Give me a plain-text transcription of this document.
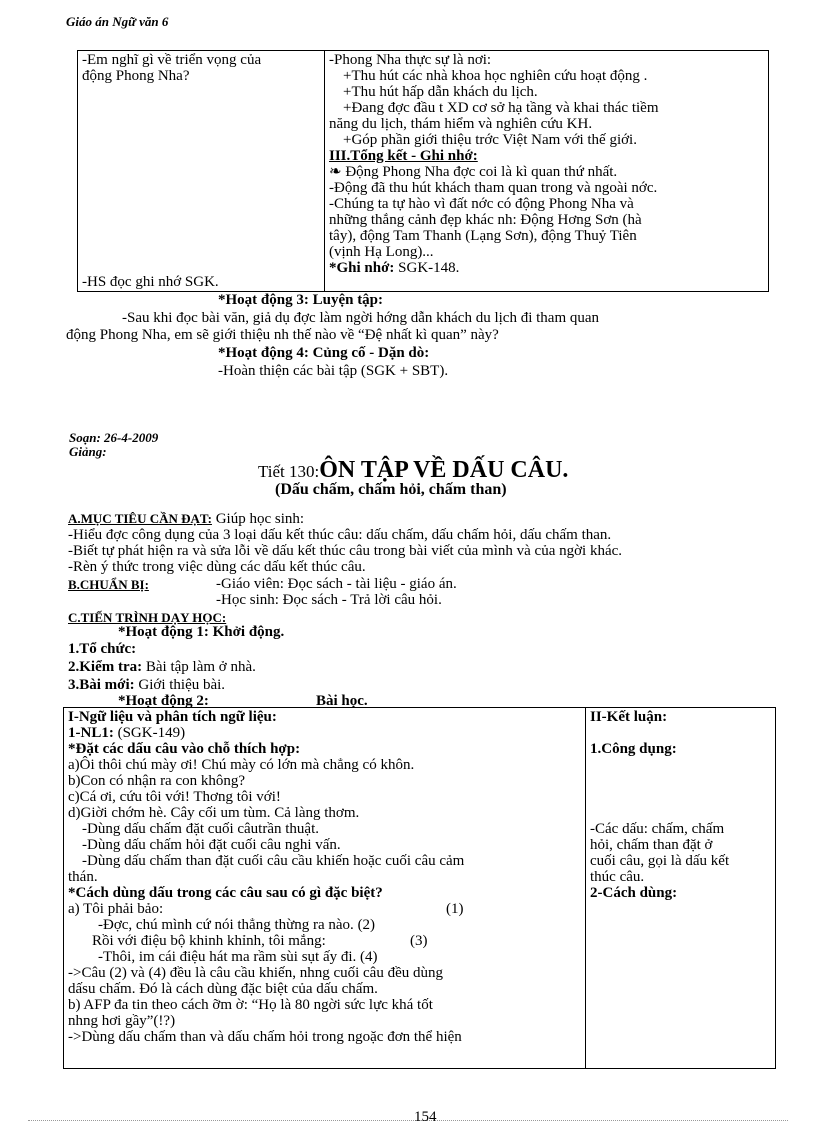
Giáo án Ngữ văn 6
-Em nghĩ gì về triển vọng của
động Phong Nha?
-HS đọc ghi nhớ SGK.

-Phong Nha thực sự là nơi:
+Thu hút các nhà khoa học nghiên cứu hoạt động .
+Thu hút hấp dẫn khách du lịch.
+Đang đợc đầu t XD cơ sở hạ tầng và khai thác tiềm
năng du lịch, thám hiểm và nghiên cứu KH.
+Góp phần giới thiệu trớc Việt Nam với thế giới.
III.Tổng kết - Ghi nhớ:
❧ Động Phong Nha đợc coi là kì quan thứ nhất.
-Động đã thu hút khách tham quan trong và ngoài nớc.
-Chúng ta tự hào vì đất nớc có động Phong Nha và
những thắng cảnh đẹp khác nh: Động Hơng Sơn (hà
tây), động Tam Thanh (Lạng Sơn), động Thuỷ Tiên
(vịnh Hạ Long)...
*Ghi nhớ: SGK-148.
*Hoạt động 3: Luyện tập:
-Sau khi đọc bài văn, giả dụ đợc làm ngời hớng dẫn khách du lịch đi tham quan
động Phong Nha, em sẽ giới thiệu nh thế nào về “Đệ nhất kì quan” này?
*Hoạt động 4: Củng cố - Dặn dò:
-Hoàn thiện các bài tập (SGK + SBT).
Soạn: 26-4-2009
Giảng:
Tiết 130:ÔN TẬP VỀ DẤU CÂU.
(Dấu chấm, chấm hỏi, chấm than)
A.MỤC TIÊU CẦN ĐẠT: Giúp học sinh:
-Hiểu đợc công dụng của 3 loại dấu kết thúc câu: dấu chấm, dấu chấm hỏi, dấu chấm than.
-Biết tự phát hiện ra và sửa lỗi về dấu kết thúc câu trong bài viết của mình và của ngời khác.
-Rèn ý thức trong việc dùng các dấu kết thúc câu.
B.CHUẨN BỊ:	-Giáo viên: Đọc sách - tài liệu - giáo án.
-Học sinh: Đọc sách - Trả lời câu hỏi.
C.TIẾN TRÌNH DẠY HỌC:
*Hoạt động 1: Khởi động.
1.Tổ chức:
2.Kiểm tra: Bài tập làm ở nhà.
3.Bài mới: Giới thiệu bài.
*Hoạt động 2:	Bài học.
I-Ngữ liệu và phân tích ngữ liệu:
1-NL1: (SGK-149)
*Đặt các dấu câu vào chỗ thích hợp:
a)Ôi thôi chú mày ơi! Chú mày có lớn mà chẳng có khôn.
b)Con có nhận ra con không?
c)Cá ơi, cứu tôi với! Thơng tôi với!
d)Giời chớm hè. Cây cối um tùm. Cả làng thơm.
-Dùng dấu chấm đặt cuối câutrần thuật.
-Dùng dấu chấm hỏi đặt cuối câu nghi vấn.
-Dùng dấu chấm than đặt cuối câu cầu khiến hoặc cuối câu cảm
thán.
*Cách dùng dấu trong các câu sau có gì đặc biệt?
a) Tôi phải bảo:	(1)
-Đợc, chú mình cứ nói thẳng thừng ra nào. (2)
Rồi với điệu bộ khinh khỉnh, tôi mắng:	(3)
-Thôi, im cái điệu hát ma rầm sùi sụt ấy đi. (4)
->Câu (2) và (4) đều là câu cầu khiến, nhng cuối câu đều dùng
dấsu chấm. Đó là cách dùng đặc biệt của dấu chấm.
b) AFP đa tin theo cách ỡm ờ: “Họ là 80 ngời sức lực khá tốt
nhng hơi gầy”(!?)
->Dùng dấu chấm than và dấu chấm hỏi trong ngoặc đơn thể hiện

II-Kết luận:
1.Công dụng:
-Các dấu: chấm, chấm
hỏi, chấm than đặt ở
cuối câu, gọi là dấu kết
thúc câu.
2-Cách dùng:
154
